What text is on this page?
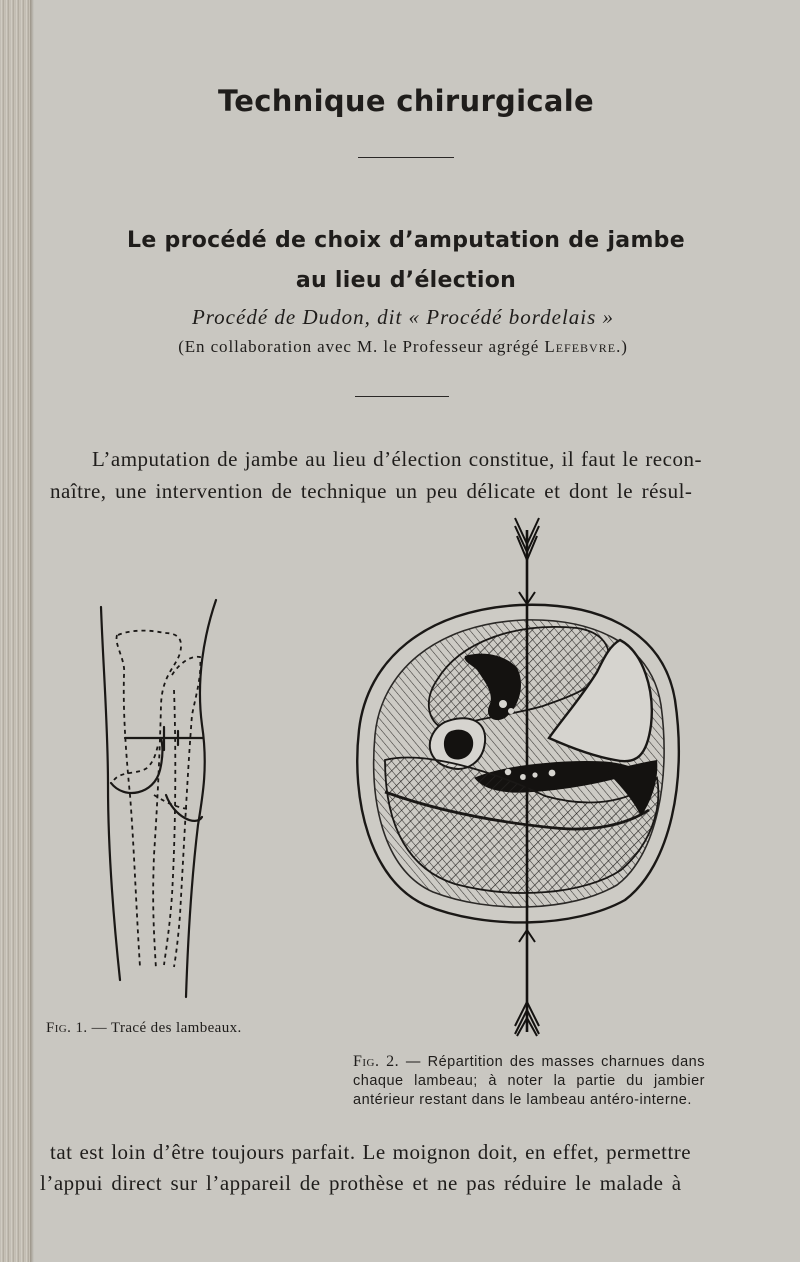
Technique chirurgicale
Le procédé de choix d’amputation de jambe
au lieu d’élection

Procédé de Dudon, dit « Procédé bordelais »

(En collaboration avec M. le Professeur agrégé Lefebvre.)

L’amputation de jambe au lieu d’élection constitue, il faut le recon-

naître, une intervention de technique un peu délicate et dont le résul-

Fig. 1. — Tracé des lambeaux.

Fig. 2. — Répartition des masses charnues dans chaque lambeau; à noter la partie du jambier antérieur restant dans le lambeau antéro-interne.

tat est loin d’être toujours parfait. Le moignon doit, en effet, permettre

l’appui direct sur l’appareil de prothèse et ne pas réduire le malade à
